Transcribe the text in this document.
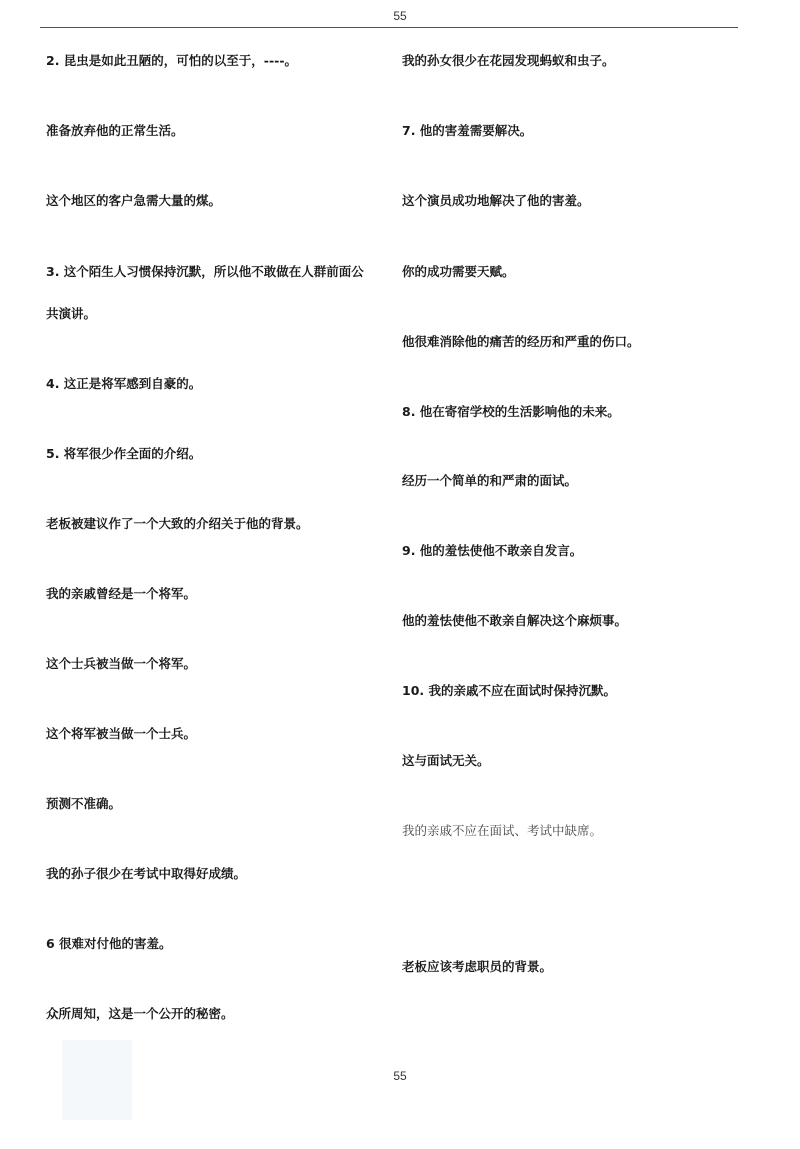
55
2. 昆虫是如此丑陋的，可怕的以至于，----。
准备放弃他的正常生活。
这个地区的客户急需大量的煤。
3. 这个陌生人习惯保持沉默，所以他不敢做在人群前面公
共演讲。
4. 这正是将军感到自豪的。
5. 将军很少作全面的介绍。
老板被建议作了一个大致的介绍关于他的背景。
我的亲戚曾经是一个将军。
这个士兵被当做一个将军。
这个将军被当做一个士兵。
预测不准确。
我的孙子很少在考试中取得好成绩。
6 很难对付他的害羞。
众所周知，这是一个公开的秘密。
我的孙女很少在花园发现蚂蚁和虫子。
7. 他的害羞需要解决。
这个演员成功地解决了他的害羞。
你的成功需要天赋。
他很难消除他的痛苦的经历和严重的伤口。
8. 他在寄宿学校的生活影响他的未来。
经历一个简单的和严肃的面试。
9. 他的羞怯使他不敢亲自发言。
他的羞怯使他不敢亲自解决这个麻烦事。
10. 我的亲戚不应在面试时保持沉默。
这与面试无关。
我的亲戚不应在面试、考试中缺席。
老板应该考虑职员的背景。
55
